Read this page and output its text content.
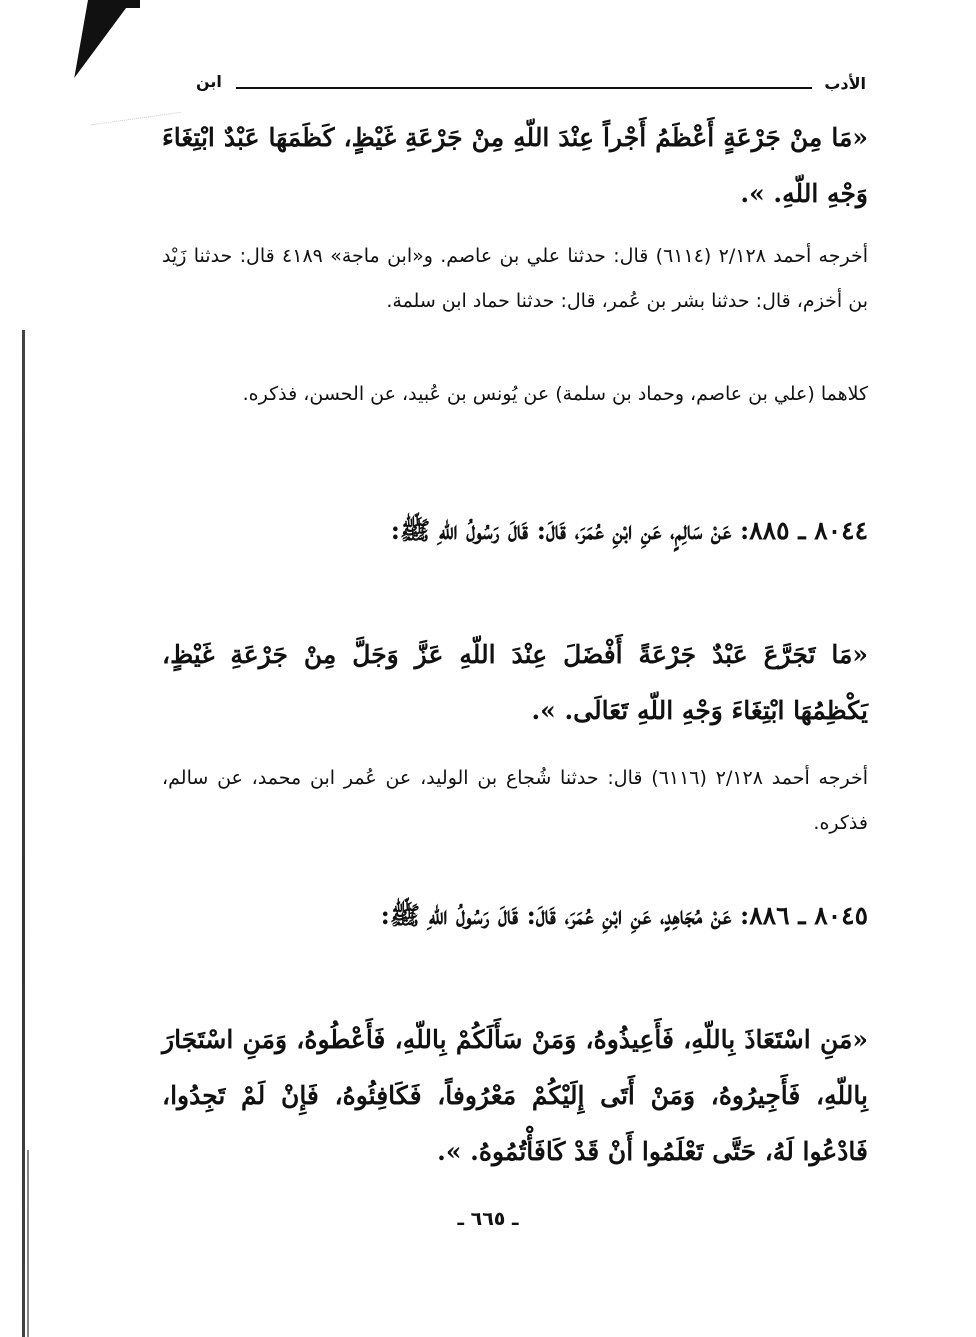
الأدب
ابن
«مَا مِنْ جَرْعَةٍ أَعْظَمُ أَجْراً عِنْدَ اللّهِ مِنْ جَرْعَةِ غَيْظٍ، كَظَمَهَا عَبْدٌ ابْتِغَاءَ وَجْهِ اللّهِ. ».
أخرجه أحمد ٢/١٢٨ (٦١١٤) قال: حدثنا علي بن عاصم. و«ابن ماجة» ٤١٨٩ قال: حدثنا زَيْد بن أخزم، قال: حدثنا بشر بن عُمر، قال: حدثنا حماد ابن سلمة.
كلاهما (علي بن عاصم، وحماد بن سلمة) عن يُونس بن عُبيد، عن الحسن، فذكره.
٨٠٤٤ ـ ٨٨٥: عَنْ سَالِمٍ، عَنِ ابْنِ عُمَرَ، قَالَ: قَالَ رَسُولُ اللّهِ ﷺ:
«مَا تَجَرَّعَ عَبْدٌ جَرْعَةً أَفْضَلَ عِنْدَ اللّهِ عَزَّ وَجَلَّ مِنْ جَرْعَةِ غَيْظٍ، يَكْظِمُهَا ابْتِغَاءَ وَجْهِ اللّهِ تَعَالَى. ».
أخرجه أحمد ٢/١٢٨ (٦١١٦) قال: حدثنا شُجاع بن الوليد، عن عُمر ابن محمد، عن سالم، فذكره.
٨٠٤٥ ـ ٨٨٦: عَنْ مُجَاهِدٍ، عَنِ ابْنِ عُمَرَ، قَالَ: قَالَ رَسُولُ اللّهِ ﷺ:
«مَنِ اسْتَعَاذَ بِاللّهِ، فَأَعِيذُوهُ، وَمَنْ سَأَلَكُمْ بِاللّهِ، فَأَعْطُوهُ، وَمَنِ اسْتَجَارَ بِاللّهِ، فَأَجِيرُوهُ، وَمَنْ أَتَى إِلَيْكُمْ مَعْرُوفاً، فَكَافِئُوهُ، فَإِنْ لَمْ تَجِدُوا، فَادْعُوا لَهُ، حَتَّى تَعْلَمُوا أَنْ قَدْ كَافَأْتُمُوهُ. ».
ـ ٦٦٥ ـ
